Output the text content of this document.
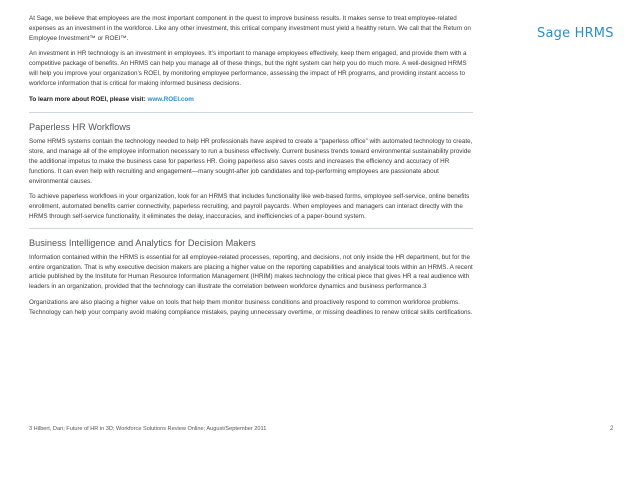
Sage HRMS

At Sage, we believe that employees are the most important component in the quest to improve business results. It makes sense to treat employee-related expenses as an investment in the workforce. Like any other investment, this critical company investment must yield a healthy return. We call that the Return on Employee Investment™ or ROEI™.

An investment in HR technology is an investment in employees. It’s important to manage employees effectively, keep them engaged, and provide them with a competitive package of benefits. An HRMS can help you manage all of these things, but the right system can help you do much more. A well-designed HRMS will help you improve your organization’s ROEI, by monitoring employee performance, assessing the impact of HR programs, and providing instant access to workforce information that is critical for making informed business decisions.

To learn more about ROEI, please visit: www.ROEI.com

Paperless HR Workflows

Some HRMS systems contain the technology needed to help HR professionals have aspired to create a “paperless office” with automated technology to create, store, and manage all of the employee information necessary to run a business effectively. Current business trends toward environmental sustainability provide the additional impetus to make the business case for paperless HR. Going paperless also saves costs and increases the efficiency and accuracy of HR functions. It can even help with recruiting and engagement—many sought-after job candidates and top-performing employees are passionate about environmental causes.

To achieve paperless workflows in your organization, look for an HRMS that includes functionality like web-based forms, employee self-service, online benefits enrollment, automated benefits carrier connectivity, paperless recruiting, and payroll paycards. When employees and managers can interact directly with the HRMS through self-service functionality, it eliminates the delay, inaccuracies, and inefficiencies of a paper-bound system.

Business Intelligence and Analytics for Decision Makers

Information contained within the HRMS is essential for all employee-related processes, reporting, and decisions, not only inside the HR department, but for the entire organization. That is why executive decision makers are placing a higher value on the reporting capabilities and analytical tools within an HRMS. A recent article published by the Institute for Human Resource Information Management (IHRIM) makes technology the critical piece that gives HR a real audience with leaders in an organization, provided that the technology can illustrate the correlation between workforce dynamics and business performance.3

Organizations are also placing a higher value on tools that help them monitor business conditions and proactively respond to common workforce problems. Technology can help your company avoid making compliance mistakes, paying unnecessary overtime, or missing deadlines to renew critical skills certifications.

3 Hilbert, Dan; Future of HR in 3D; Workforce Solutions Review Online; August/September 2011	2
